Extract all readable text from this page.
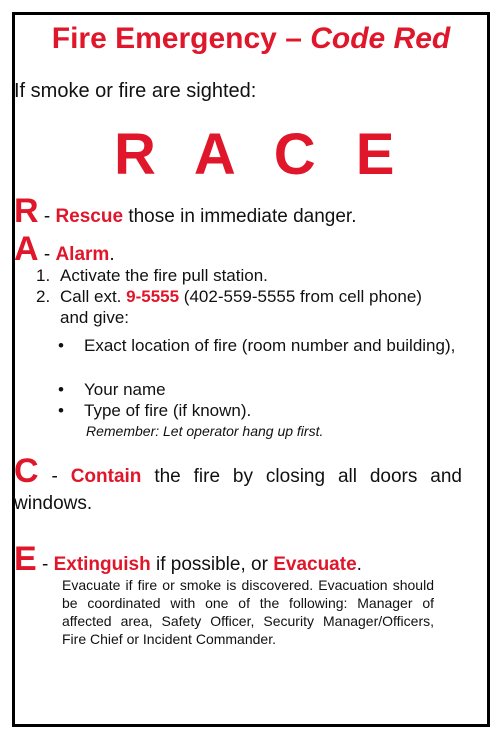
Fire Emergency – Code Red
If smoke or fire are sighted:
R A C E
R - Rescue those in immediate danger.
A - Alarm.
1. Activate the fire pull station.
2. Call ext. 9-5555 (402-559-5555 from cell phone)
and give:
• Exact location of fire (room number and building),
• Your name
• Type of fire (if known).
Remember: Let operator hang up first.
C - Contain the fire by closing all doors and windows.
E - Extinguish if possible, or Evacuate.
Evacuate if fire or smoke is discovered. Evacuation should be coordinated with one of the following: Manager of affected area, Safety Officer, Security Manager/Officers, Fire Chief or Incident Commander.
